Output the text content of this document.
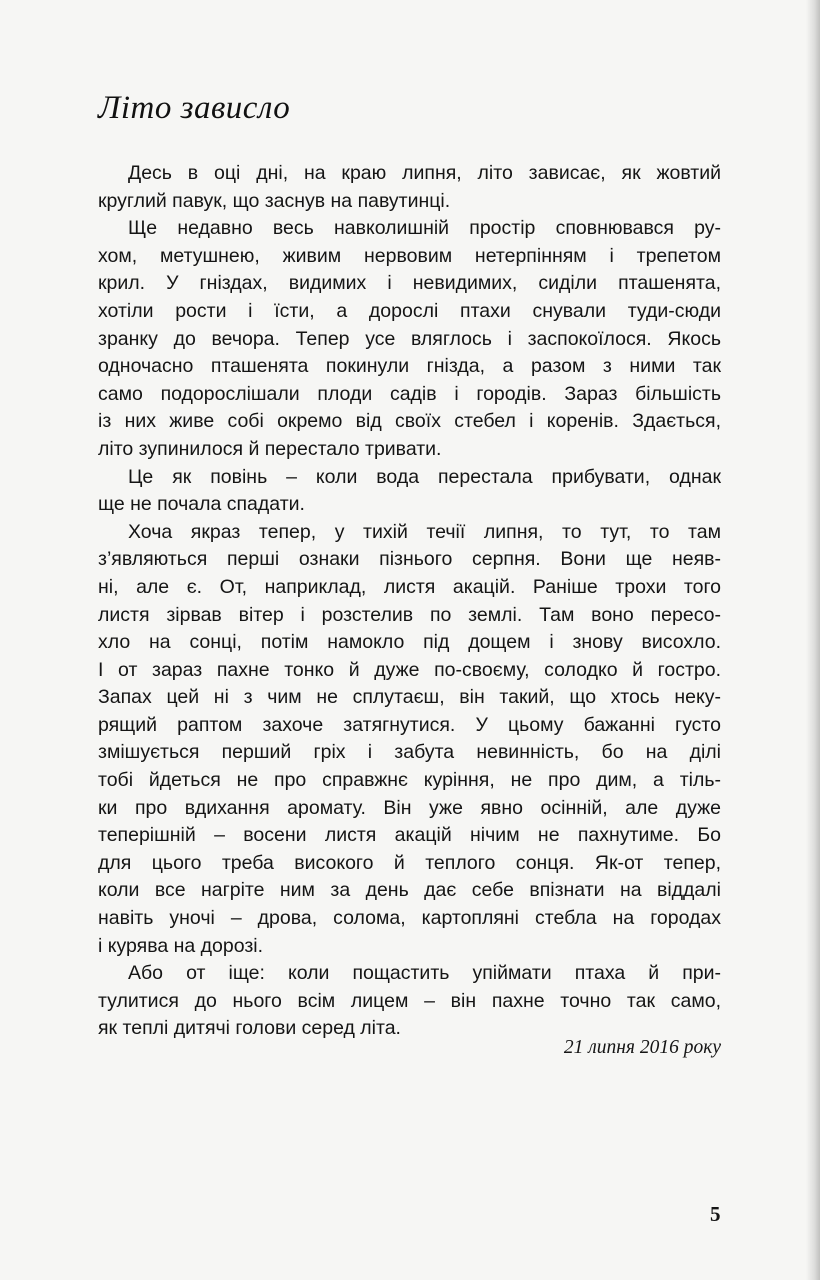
Літо зависло
Десь в оці дні, на краю липня, літо зависає, як жовтий
круглий павук, що заснув на павутинці.
Ще недавно весь навколишній простір сповнювався ру-
хом, метушнею, живим нервовим нетерпінням і трепетом
крил. У гніздах, видимих і невидимих, сиділи пташенята,
хотіли рости і їсти, а дорослі птахи снували туди-сюди
зранку до вечора. Тепер усе вляглось і заспокоїлося. Якось
одночасно пташенята покинули гнізда, а разом з ними так
само подорослішали плоди садів і городів. Зараз більшість
із них живе собі окремо від своїх стебел і коренів. Здається,
літо зупинилося й перестало тривати.
Це як повінь – коли вода перестала прибувати, однак
ще не почала спадати.
Хоча якраз тепер, у тихій течії липня, то тут, то там
з’являються перші ознаки пізнього серпня. Вони ще неяв-
ні, але є. От, наприклад, листя акацій. Раніше трохи того
листя зірвав вітер і розстелив по землі. Там воно пересо-
хло на сонці, потім намокло під дощем і знову висохло.
І от зараз пахне тонко й дуже по-своєму, солодко й гостро.
Запах цей ні з чим не сплутаєш, він такий, що хтось неку-
рящий раптом захоче затягнутися. У цьому бажанні густо
змішується перший гріх і забута невинність, бо на ділі
тобі йдеться не про справжнє куріння, не про дим, а тіль-
ки про вдихання аромату. Він уже явно осінній, але дуже
теперішній – восени листя акацій нічим не пахнутиме. Бо
для цього треба високого й теплого сонця. Як-от тепер,
коли все нагріте ним за день дає себе впізнати на віддалі
навіть уночі – дрова, солома, картопляні стебла на городах
і курява на дорозі.
Або от іще: коли пощастить упіймати птаха й при-
тулитися до нього всім лицем – він пахне точно так само,
як теплі дитячі голови серед літа.
21 липня 2016 року
5
